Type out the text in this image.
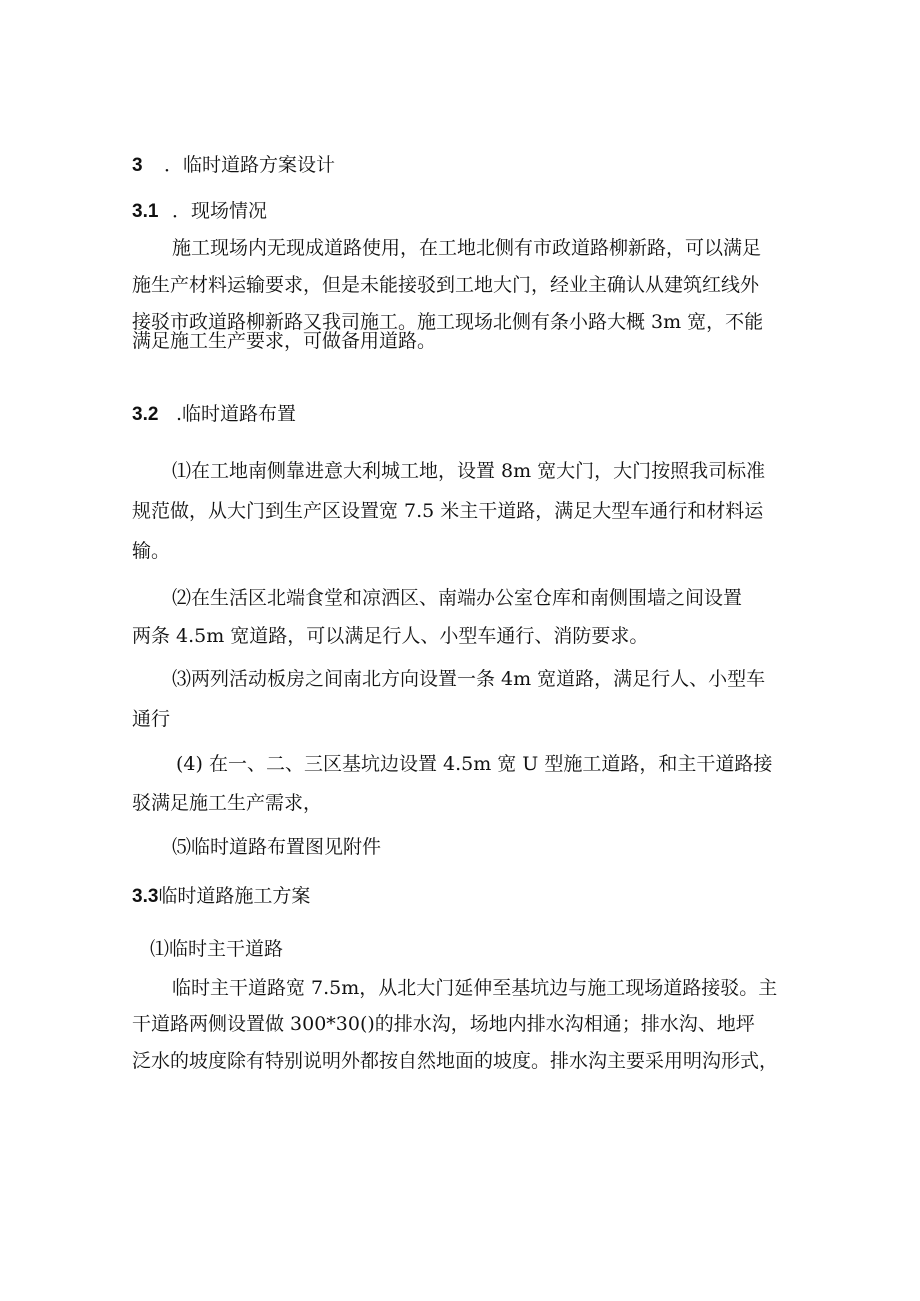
3 ．临时道路方案设计
3.1 ．现场情况
施工现场内无现成道路使用，在工地北侧有市政道路柳新路，可以满足
施生产材料运输要求，但是未能接驳到工地大门，经业主确认从建筑红线外
接驳市政道路柳新路又我司施工。施工现场北侧有条小路大概 3m 宽，不能
满足施工生产要求，可做备用道路。
3.2 .临时道路布置
⑴在工地南侧靠进意大利城工地，设置 8m 宽大门，大门按照我司标准
规范做，从大门到生产区设置宽 7.5 米主干道路，满足大型车通行和材料运
输。
⑵在生活区北端食堂和凉洒区、南端办公室仓库和南侧围墙之间设置
两条 4.5m 宽道路，可以满足行人、小型车通行、消防要求。
⑶两列活动板房之间南北方向设置一条 4m 宽道路，满足行人、小型车
通行
(4) 在一、二、三区基坑边设置 4.5m 宽 U 型施工道路，和主干道路接
驳满足施工生产需求，
⑸临时道路布置图见附件
3.3临时道路施工方案
⑴临时主干道路
临时主干道路宽 7.5m，从北大门延伸至基坑边与施工现场道路接驳。主
干道路两侧设置做 300*30()的排水沟，场地内排水沟相通；排水沟、地坪
泛水的坡度除有特别说明外都按自然地面的坡度。排水沟主要采用明沟形式，
